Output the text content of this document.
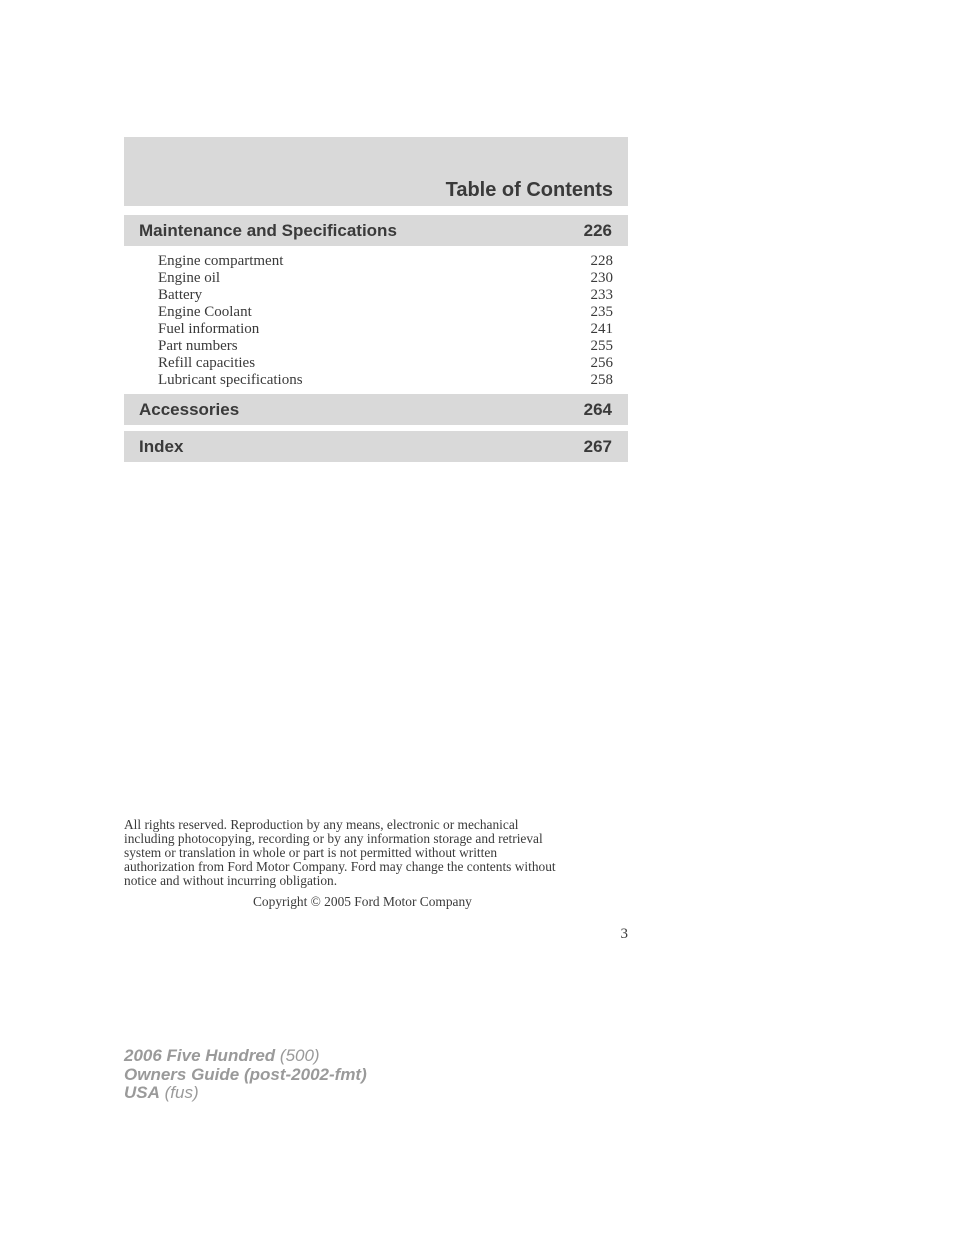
Table of Contents
Maintenance and Specifications	226
Engine compartment	228
Engine oil	230
Battery	233
Engine Coolant	235
Fuel information	241
Part numbers	255
Refill capacities	256
Lubricant specifications	258
Accessories	264
Index	267
All rights reserved. Reproduction by any means, electronic or mechanical
including photocopying, recording or by any information storage and retrieval
system or translation in whole or part is not permitted without written
authorization from Ford Motor Company. Ford may change the contents without
notice and without incurring obligation.
Copyright © 2005 Ford Motor Company
3
2006 Five Hundred (500)
Owners Guide (post-2002-fmt)
USA (fus)
